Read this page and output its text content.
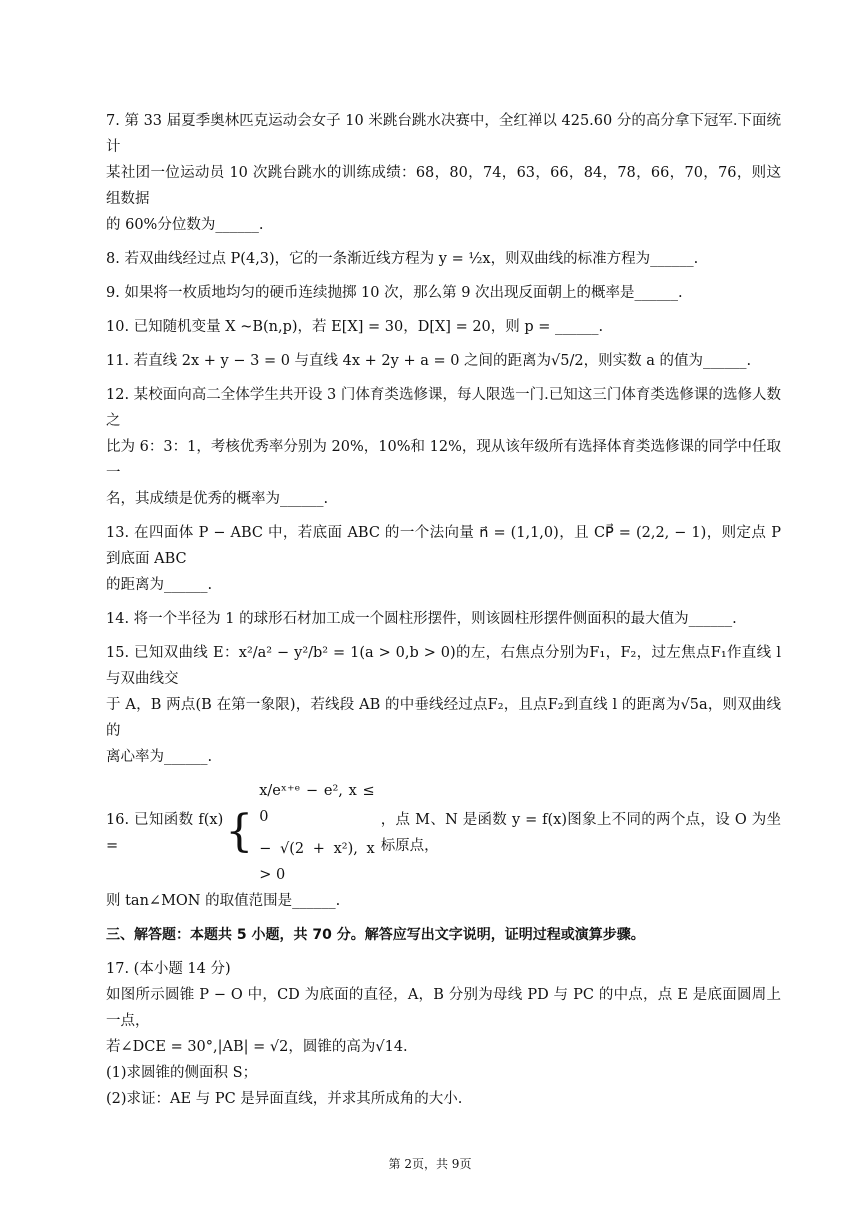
7. 第 33 届夏季奥林匹克运动会女子 10 米跳台跳水决赛中，全红禅以 425.60 分的高分拿下冠军.下面统计
某社团一位运动员 10 次跳台跳水的训练成绩：68，80，74，63，66，84，78，66，70，76，则这组数据
的 60%分位数为______.
8. 若双曲线经过点 P(4,3)，它的一条渐近线方程为 y = ½x，则双曲线的标准方程为______.
9. 如果将一枚质地均匀的硬币连续抛掷 10 次，那么第 9 次出现反面朝上的概率是______.
10. 已知随机变量 X ~B(n,p)，若 E[X] = 30，D[X] = 20，则 p = ______.
11. 若直线 2x + y − 3 = 0 与直线 4x + 2y + a = 0 之间的距离为√5/2，则实数 a 的值为______.
12. 某校面向高二全体学生共开设 3 门体育类选修课，每人限选一门.已知这三门体育类选修课的选修人数之
比为 6：3：1，考核优秀率分别为 20%，10%和 12%，现从该年级所有选择体育类选修课的同学中任取一
名，其成绩是优秀的概率为______.
13. 在四面体 P − ABC 中，若底面 ABC 的一个法向量 n⃗ = (1,1,0)，且 CP⃗ = (2,2, − 1)，则定点 P 到底面 ABC
的距离为______.
14. 将一个半径为 1 的球形石材加工成一个圆柱形摆件，则该圆柱形摆件侧面积的最大值为______.
15. 已知双曲线 E：x²/a² − y²/b² = 1(a > 0,b > 0)的左，右焦点分别为F₁，F₂，过左焦点F₁作直线 l 与双曲线交
于 A，B 两点(B 在第一象限)，若线段 AB 的中垂线经过点F₂，且点F₂到直线 l 的距离为√5a，则双曲线的
离心率为______.
16. 已知函数 f(x) =	{
x/eˣ⁺ᵉ − e², x ≤ 0
− √(2 + x²), x > 0
，点 M、N 是函数 y = f(x)图象上不同的两个点，设 O 为坐标原点，
则 tan∠MON 的取值范围是______.
三、解答题：本题共 5 小题，共 70 分。解答应写出文字说明，证明过程或演算步骤。
17. (本小题 14 分)
如图所示圆锥 P − O 中，CD 为底面的直径，A，B 分别为母线 PD 与 PC 的中点，点 E 是底面圆周上一点，
若∠DCE = 30°,|AB| = √2，圆锥的高为√14.
(1)求圆锥的侧面积 S；
(2)求证：AE 与 PC 是异面直线，并求其所成角的大小.
第 2页，共 9页
